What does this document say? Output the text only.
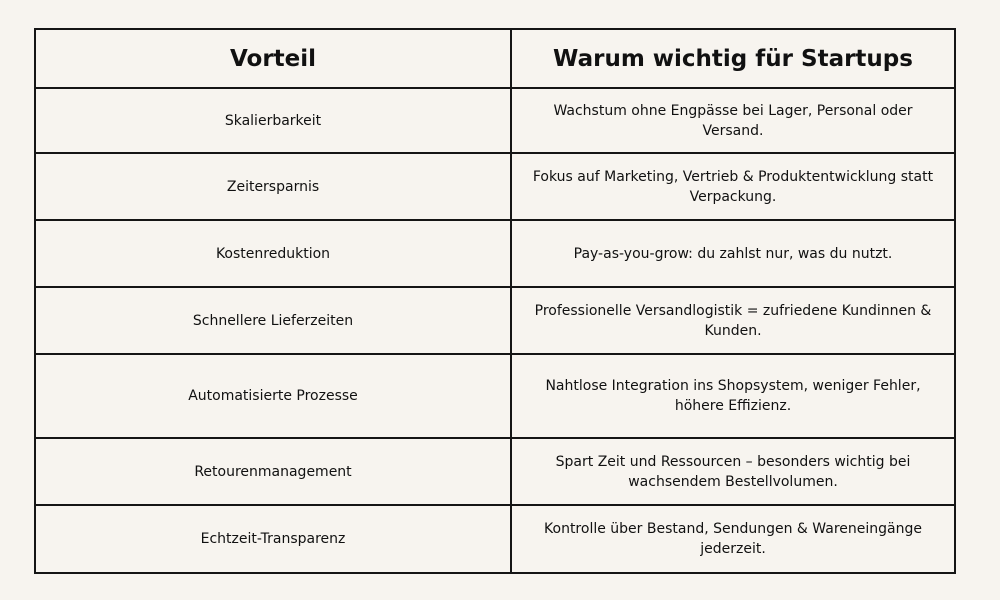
Vorteil	Warum wichtig für Startups
Skalierbarkeit	Wachstum ohne Engpässe bei Lager, Personal oder Versand.
Zeitersparnis	Fokus auf Marketing, Vertrieb & Produktentwicklung statt Verpackung.
Kostenreduktion	Pay-as-you-grow: du zahlst nur, was du nutzt.
Schnellere Lieferzeiten	Professionelle Versandlogistik = zufriedene Kundinnen & Kunden.
Automatisierte Prozesse	Nahtlose Integration ins Shopsystem, weniger Fehler, höhere Effizienz.
Retourenmanagement	Spart Zeit und Ressourcen – besonders wichtig bei wachsendem Bestellvolumen.
Echtzeit-Transparenz	Kontrolle über Bestand, Sendungen & Wareneingänge jederzeit.
